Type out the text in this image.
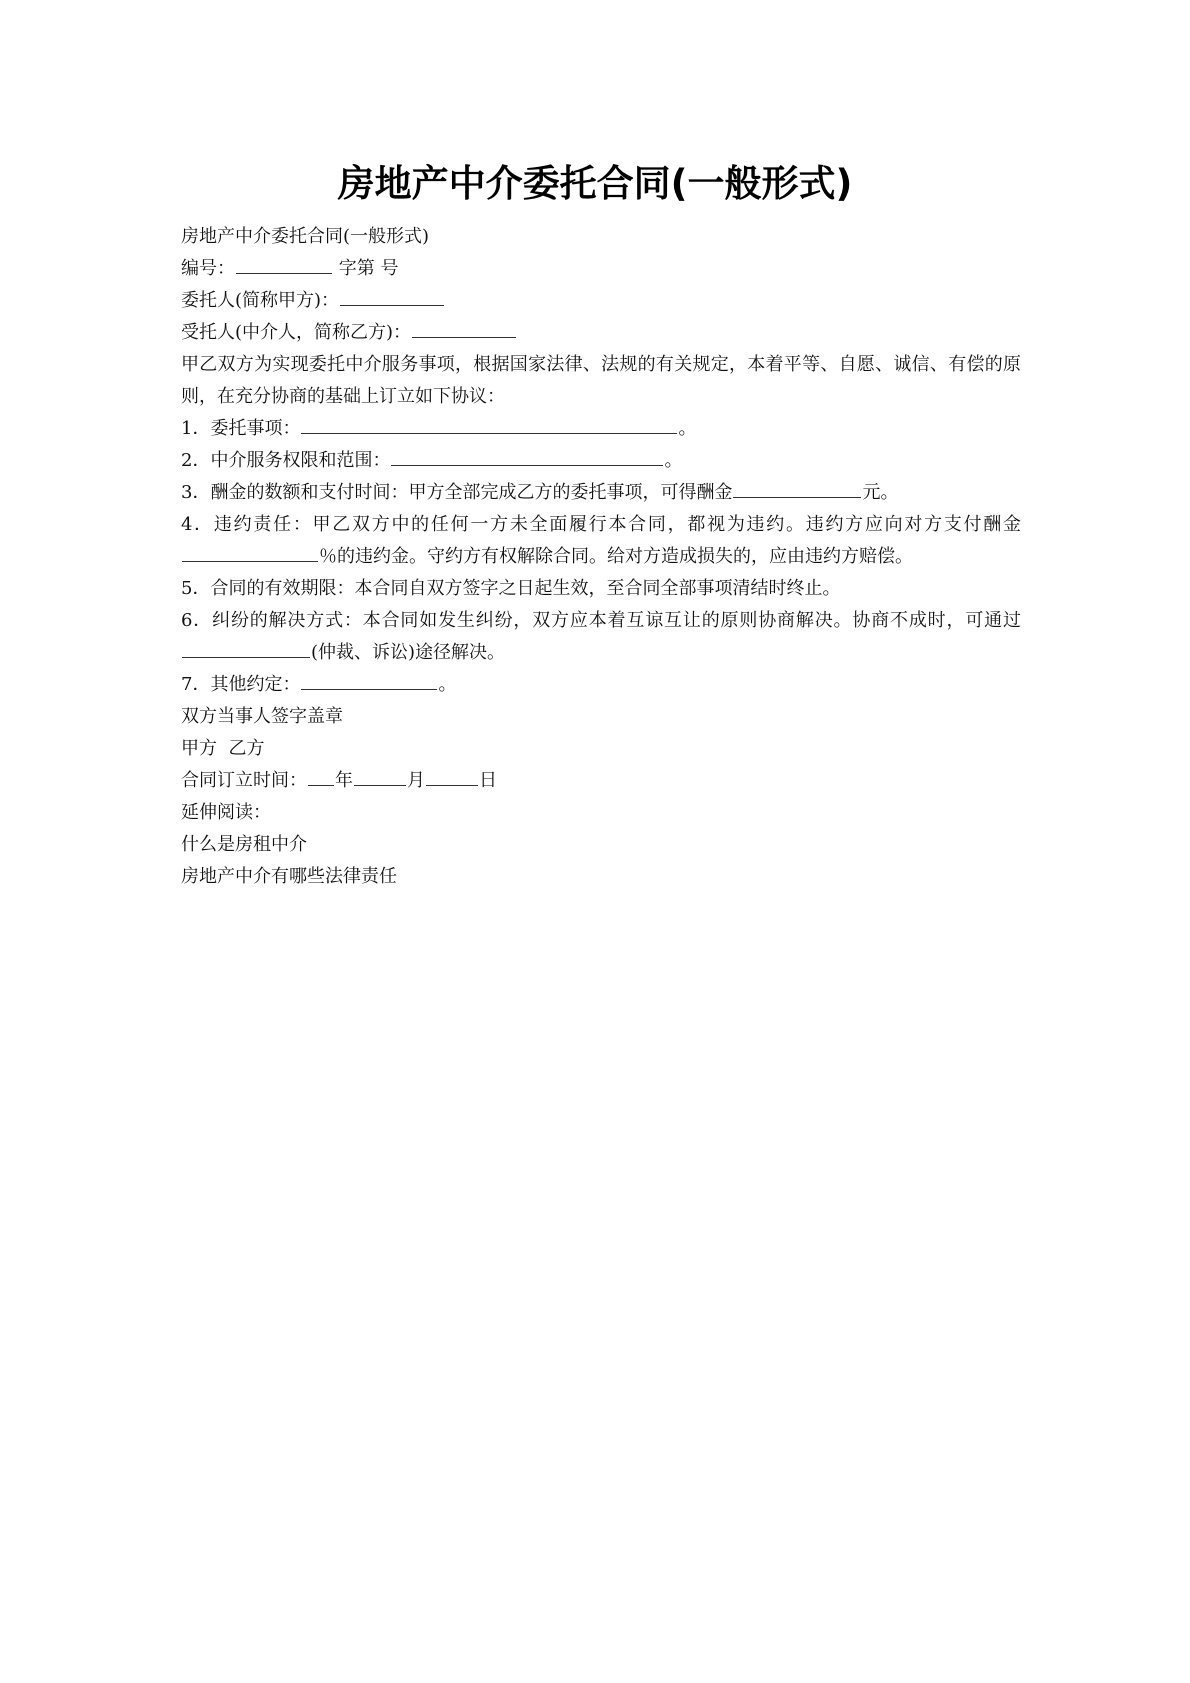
房地产中介委托合同(一般形式)
房地产中介委托合同(一般形式)
编号：	字第 号
委托人(简称甲方)：
受托人(中介人，简称乙方)：
甲乙双方为实现委托中介服务事项，根据国家法律、法规的有关规定，本着平等、自愿、诚信、有偿的原则，在充分协商的基础上订立如下协议：
1．委托事项：	。
2．中介服务权限和范围：	。
3．酬金的数额和支付时间：甲方全部完成乙方的委托事项，可得酬金	元。
4．违约责任：甲乙双方中的任何一方未全面履行本合同，都视为违约。违约方应向对方支付酬金％的违约金。守约方有权解除合同。给对方造成损失的，应由违约方赔偿。
5．合同的有效期限：本合同自双方签字之日起生效，至合同全部事项清结时终止。
6．纠纷的解决方式：本合同如发生纠纷，双方应本着互谅互让的原则协商解决。协商不成时，可通过(仲裁、诉讼)途径解决。
7．其他约定：	。
双方当事人签字盖章
甲方  乙方
合同订立时间： 年	月	日
延伸阅读：
什么是房租中介
房地产中介有哪些法律责任
